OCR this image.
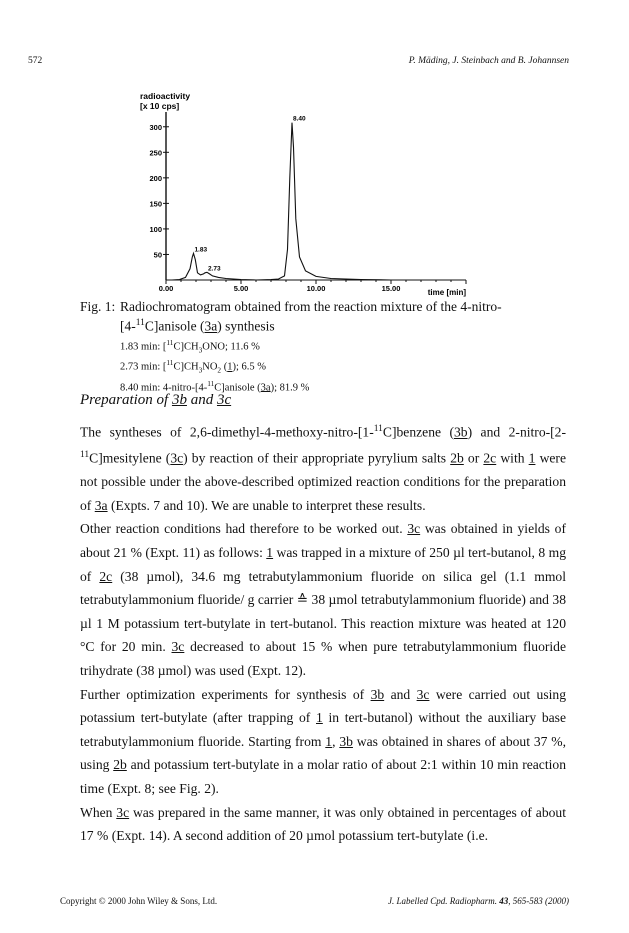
572	P. Mäding, J. Steinbach and B. Johannsen
radioactivity
[x 10 cps]
50
100
150
200
250
300
0.00	5.00	10.00	15.00
1.83
2.73
8.40
time [min]
Fig. 1: Radiochromatogram obtained from the reaction mixture of the 4-nitro-
[4-$^{11}$C]anisole (3a) synthesis
1.83 min: $[^{11}C]CH_3ONO$; 11.6 %
2.73 min: $[^{11}C]CH_3NO_2$ (1); 6.5 %
8.40 min: 4-nitro-[4-$^{11}$C]anisole (3a); 81.9 %
Preparation of 3b and 3c

The syntheses of 2,6-dimethyl-4-methoxy-nitro-[1-$^{11}$C]benzene (3b) and 2-nitro-[2-$^{11}$C]mesitylene (3c) by reaction of their appropriate pyrylium salts 2b or 2c with 1 were not possible under the above-described optimized reaction conditions for the preparation of 3a (Expts. 7 and 10). We are unable to interpret these results.

Other reaction conditions had therefore to be worked out. 3c was obtained in yields of about 21 % (Expt. 11) as follows: 1 was trapped in a mixture of 250 µl tert-butanol, 8 mg of 2c (38 µmol), 34.6 mg tetrabutylammonium fluoride on silica gel (1.1 mmol tetrabutylammonium fluoride/ g carrier ≙ 38 µmol tetrabutylammonium fluoride) and 38 µl 1 M potassium tert-butylate in tert-butanol. This reaction mixture was heated at 120 °C for 20 min. 3c decreased to about 15 % when pure tetrabutylammonium fluoride trihydrate (38 µmol) was used (Expt. 12).

Further optimization experiments for synthesis of 3b and 3c were carried out using potassium tert-butylate (after trapping of 1 in tert-butanol) without the auxiliary base tetrabutylammonium fluoride. Starting from 1, 3b was obtained in shares of about 37 %, using 2b and potassium tert-butylate in a molar ratio of about 2:1 within 10 min reaction time (Expt. 8; see Fig. 2).

When 3c was prepared in the same manner, it was only obtained in percentages of about 17 % (Expt. 14). A second addition of 20 µmol potassium tert-butylate (i.e.

Copyright © 2000 John Wiley & Sons, Ltd.	J. Labelled Cpd. Radiopharm. 43, 565-583 (2000)
